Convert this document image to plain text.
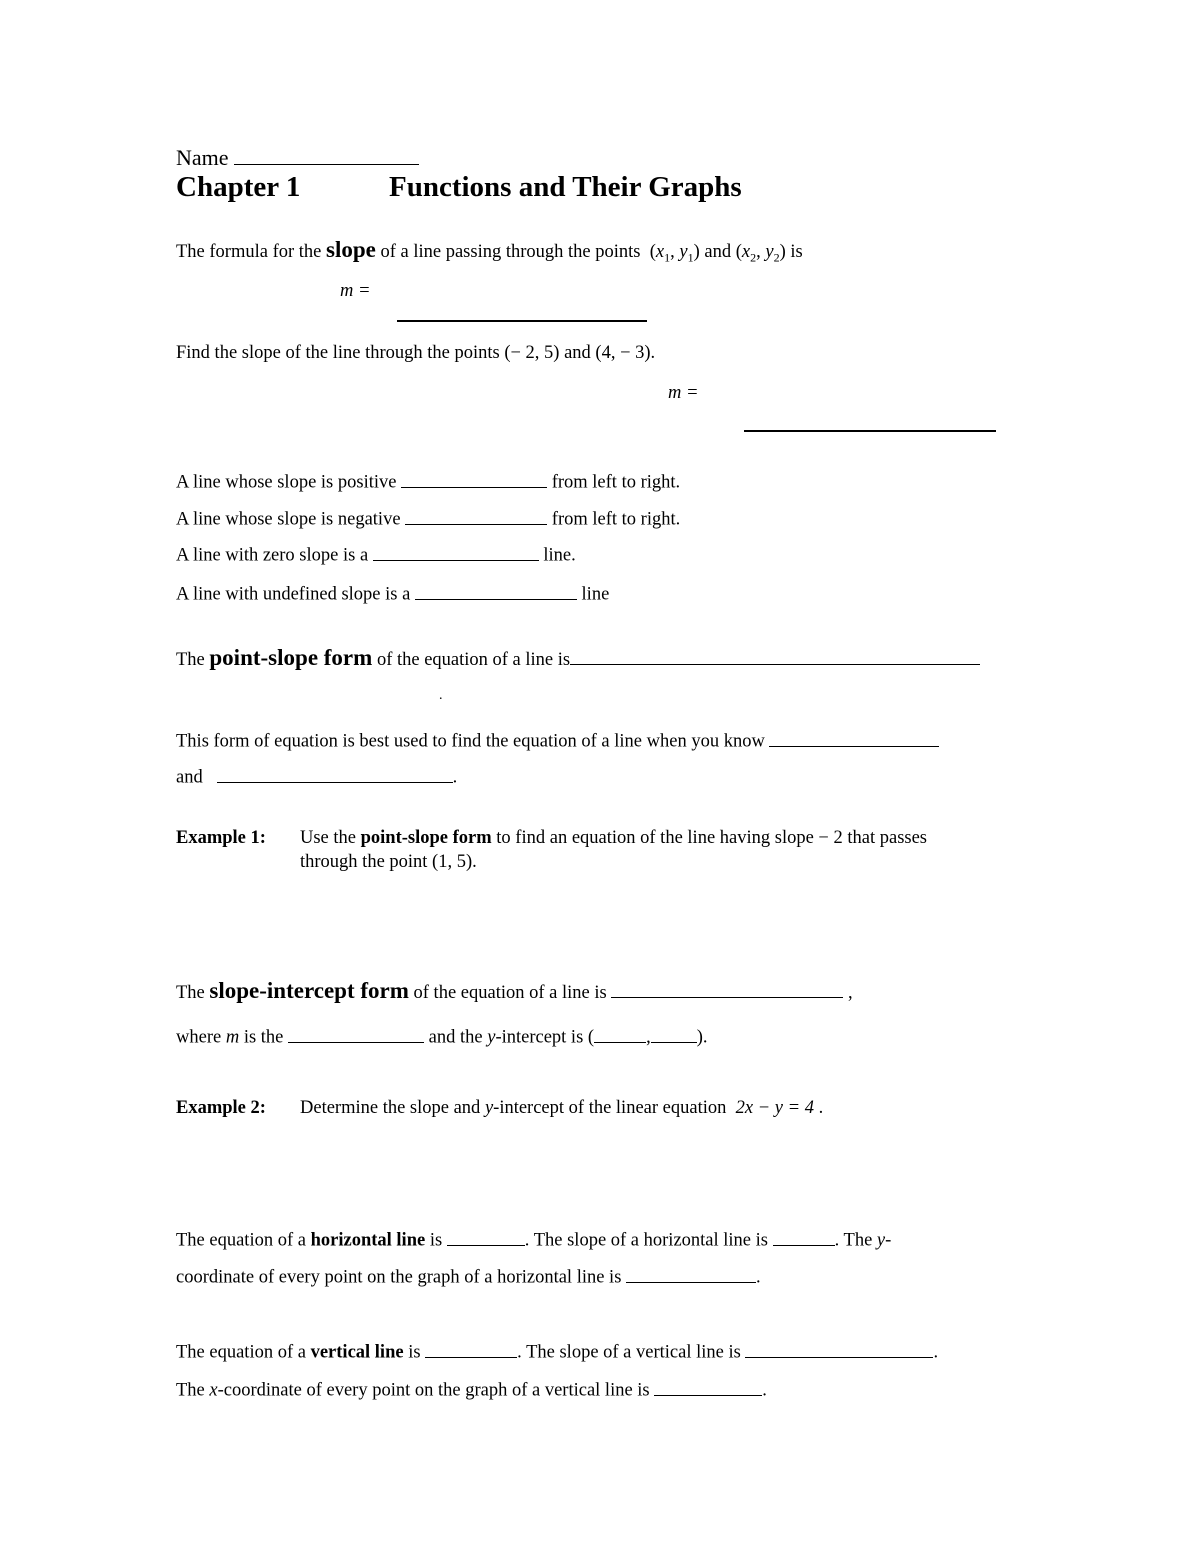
Name
Chapter 1	Functions and Their Graphs
The formula for the slope of a line passing through the points ($x_1$, $y_1$) and ($x_2$, $y_2$) is
m =
Find the slope of the line through the points (− 2, 5) and (4, − 3).
m =
A line whose slope is positive	from left to right.
A line whose slope is negative	from left to right.
A line with zero slope is a	line.
A line with undefined slope is a	line
The point-slope form of the equation of a line is
.
This form of equation is best used to find the equation of a line when you know
and	.
Example 1: Use the point-slope form to find an equation of the line having slope − 2 that passes
through the point (1, 5).
The slope-intercept form of the equation of a line is	,
where m is the	and the y-intercept is (	, ).
Example 2: Determine the slope and y-intercept of the linear equation 2x − y = 4 .
The equation of a horizontal line is	. The slope of a horizontal line is	. The y-
coordinate of every point on the graph of a horizontal line is	.
The equation of a vertical line is	. The slope of a vertical line is	.
The x-coordinate of every point on the graph of a vertical line is	.
